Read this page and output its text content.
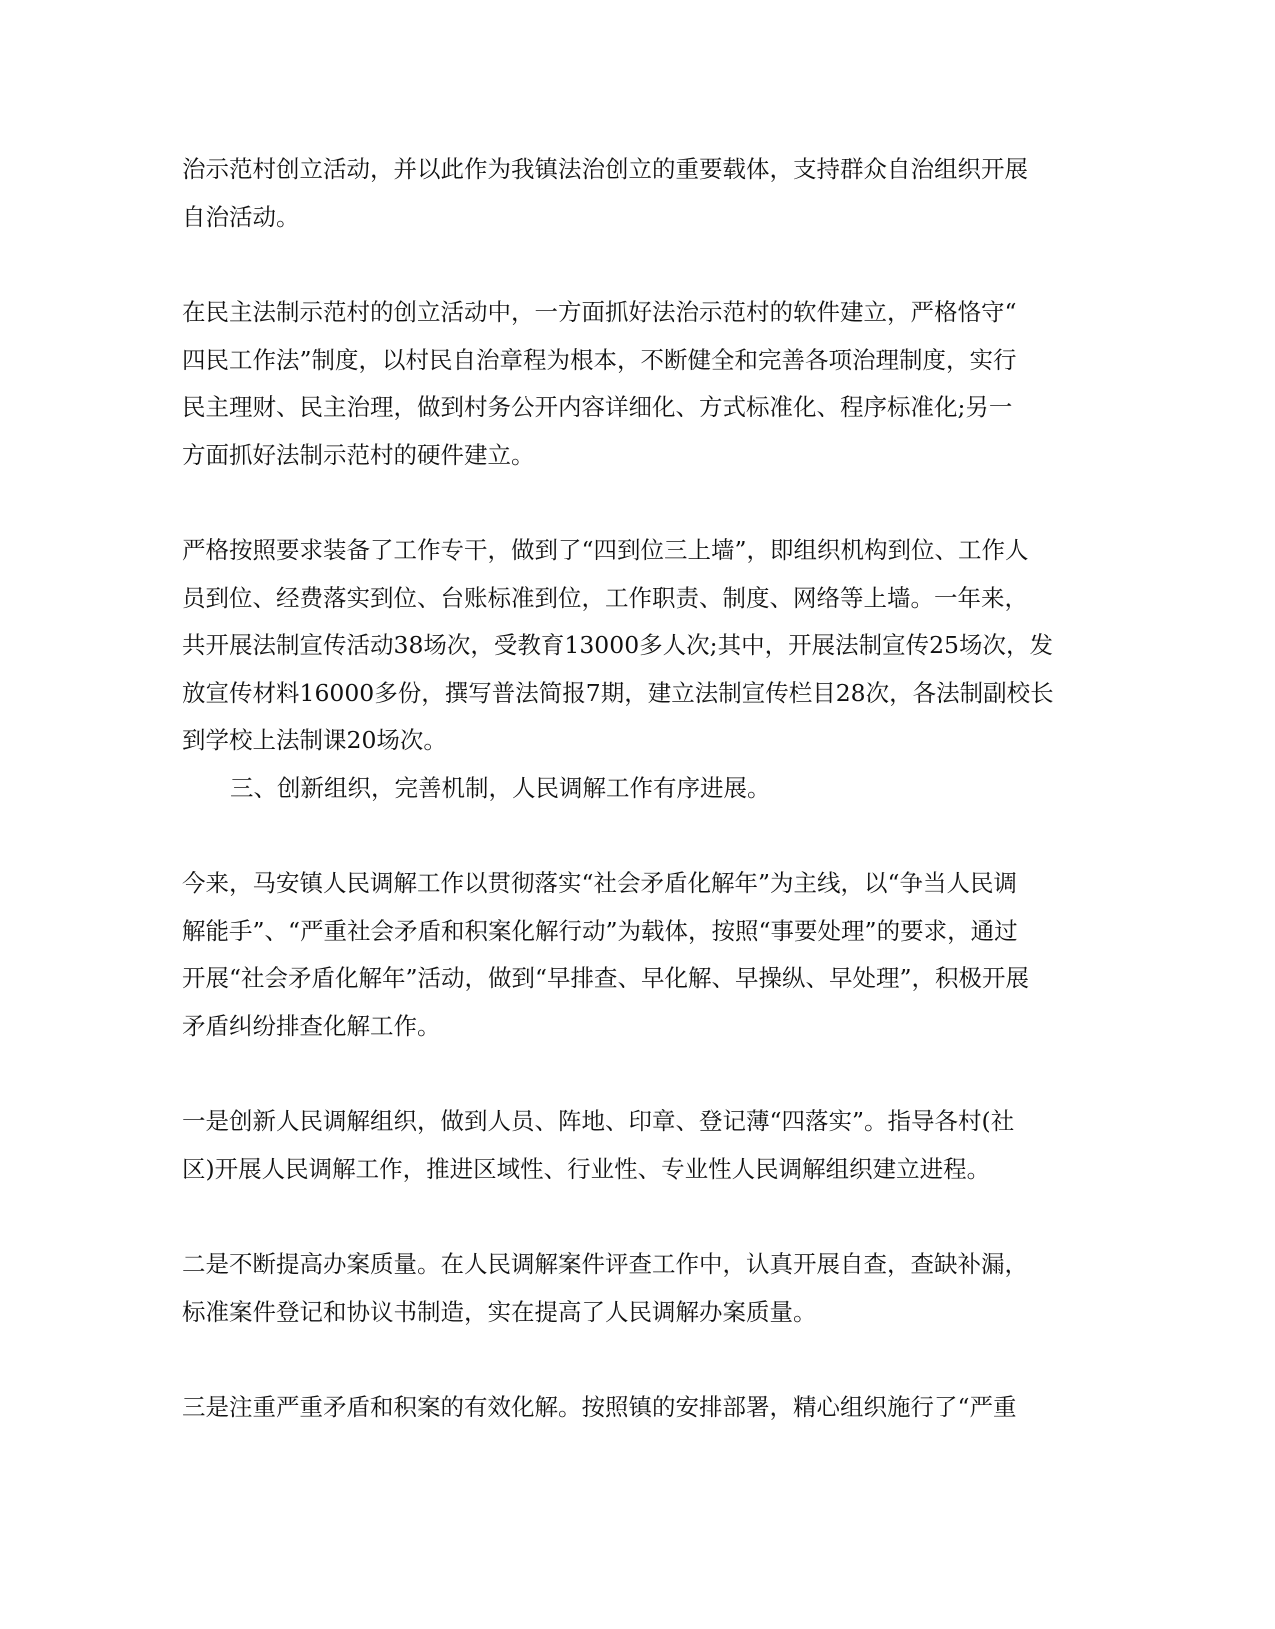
治示范村创立活动，并以此作为我镇法治创立的重要载体，支持群众自治组织开展
自治活动。

在民主法制示范村的创立活动中，一方面抓好法治示范村的软件建立，严格恪守“
四民工作法”制度，以村民自治章程为根本，不断健全和完善各项治理制度，实行
民主理财、民主治理，做到村务公开内容详细化、方式标准化、程序标准化;另一
方面抓好法制示范村的硬件建立。

严格按照要求装备了工作专干，做到了“四到位三上墙”，即组织机构到位、工作人
员到位、经费落实到位、台账标准到位，工作职责、制度、网络等上墙。一年来，
共开展法制宣传活动38场次，受教育13000多人次;其中，开展法制宣传25场次，发
放宣传材料16000多份，撰写普法简报7期，建立法制宣传栏目28次，各法制副校长
到学校上法制课20场次。

三、创新组织，完善机制，人民调解工作有序进展。

今来，马安镇人民调解工作以贯彻落实“社会矛盾化解年”为主线，以“争当人民调
解能手”、“严重社会矛盾和积案化解行动”为载体，按照“事要处理”的要求，通过
开展“社会矛盾化解年”活动，做到“早排查、早化解、早操纵、早处理”，积极开展
矛盾纠纷排查化解工作。

一是创新人民调解组织，做到人员、阵地、印章、登记薄“四落实”。指导各村(社
区)开展人民调解工作，推进区域性、行业性、专业性人民调解组织建立进程。

二是不断提高办案质量。在人民调解案件评查工作中，认真开展自查，查缺补漏，
标准案件登记和协议书制造，实在提高了人民调解办案质量。

三是注重严重矛盾和积案的有效化解。按照镇的安排部署，精心组织施行了“严重
